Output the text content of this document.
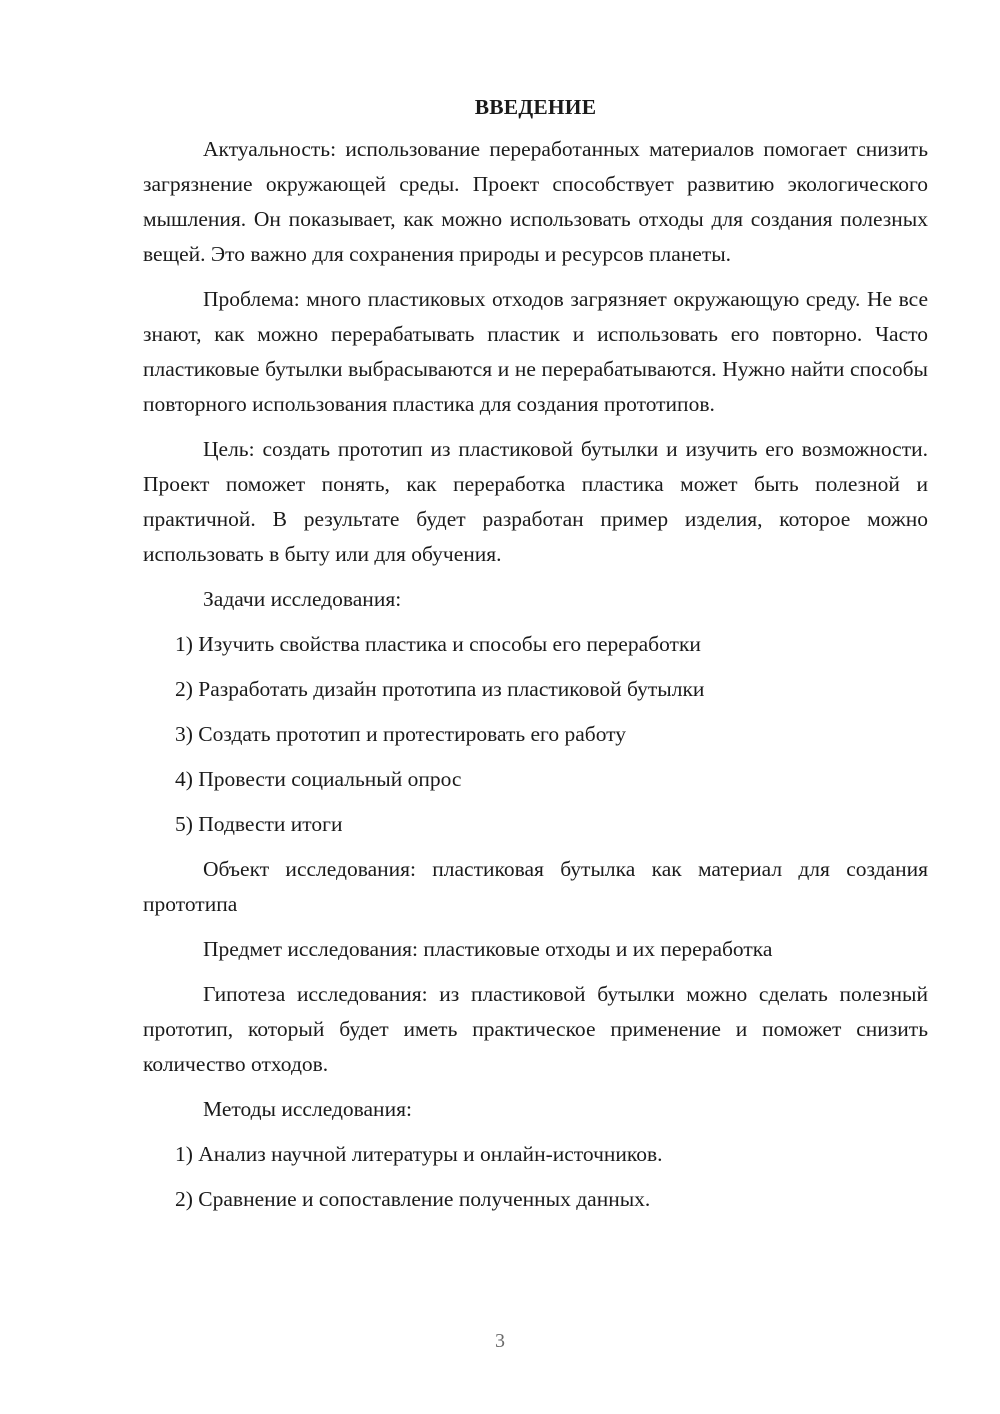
ВВЕДЕНИЕ

Актуальность: использование переработанных материалов помогает снизить загрязнение окружающей среды. Проект способствует развитию экологического мышления. Он показывает, как можно использовать отходы для создания полезных вещей. Это важно для сохранения природы и ресурсов планеты.

Проблема: много пластиковых отходов загрязняет окружающую среду. Не все знают, как можно перерабатывать пластик и использовать его повторно. Часто пластиковые бутылки выбрасываются и не перерабатываются. Нужно найти способы повторного использования пластика для создания прототипов.

Цель: создать прототип из пластиковой бутылки и изучить его возможности. Проект поможет понять, как переработка пластика может быть полезной и практичной. В результате будет разработан пример изделия, которое можно использовать в быту или для обучения.

Задачи исследования:
1) Изучить свойства пластика и способы его переработки
2) Разработать дизайн прототипа из пластиковой бутылки
3) Создать прототип и протестировать его работу
4) Провести социальный опрос
5) Подвести итоги

Объект исследования: пластиковая бутылка как материал для создания прототипа

Предмет исследования: пластиковые отходы и их переработка

Гипотеза исследования: из пластиковой бутылки можно сделать полезный прототип, который будет иметь практическое применение и поможет снизить количество отходов.

Методы исследования:
1) Анализ научной литературы и онлайн-источников.
2) Сравнение и сопоставление полученных данных.
3
